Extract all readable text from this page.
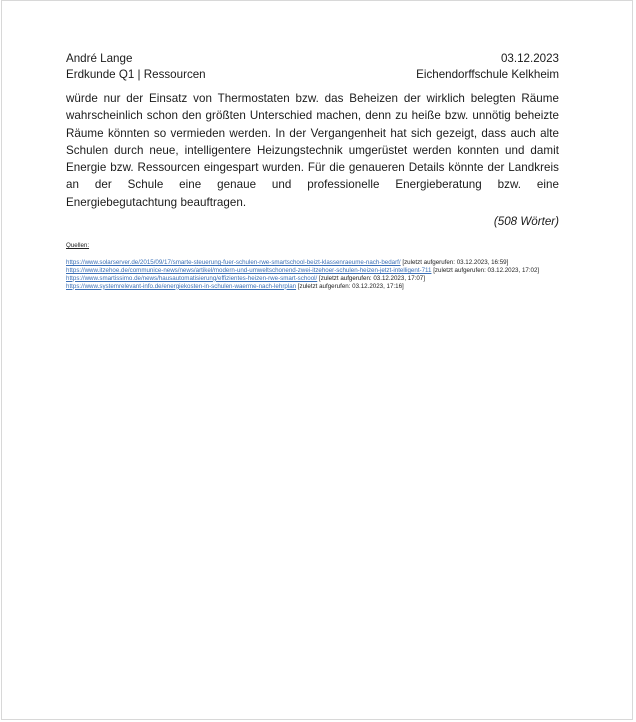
André Lange	03.12.2023
Erdkunde Q1 | Ressourcen	Eichendorffschule Kelkheim
würde nur der Einsatz von Thermostaten bzw. das Beheizen der wirklich belegten Räume wahrscheinlich schon den größten Unterschied machen, denn zu heiße bzw. unnötig beheizte Räume könnten so vermieden werden. In der Vergangenheit hat sich gezeigt, dass auch alte Schulen durch neue, intelligentere Heizungstechnik umgerüstet werden konnten und damit Energie bzw. Ressourcen eingespart wurden. Für die genaueren Details könnte der Landkreis an der Schule eine genaue und professionelle Energieberatung bzw. eine Energiebegutachtung beauftragen.
(508 Wörter)
Quellen:
https://www.solarserver.de/2015/09/17/smarte-steuerung-fuer-schulen-rwe-smartschool-beizt-klassenraeume-nach-bedarf/ [zuletzt aufgerufen: 03.12.2023, 16:59]
https://www.itzehoe.de/communice-news/news/artikel/modern-und-umweltschonend-zwei-itzehoer-schulen-heizen-jetzt-intelligent-711 [zuletzt aufgerufen: 03.12.2023, 17:02]
https://www.smartissimo.de/news/hausautomatisierung/effizientes-heizen-rwe-smart-school/ [zuletzt aufgerufen: 03.12.2023, 17:07]
https://www.systemrelevant-info.de/energiekosten-in-schulen-waerme-nach-lehrplan [zuletzt aufgerufen: 03.12.2023, 17:16]
